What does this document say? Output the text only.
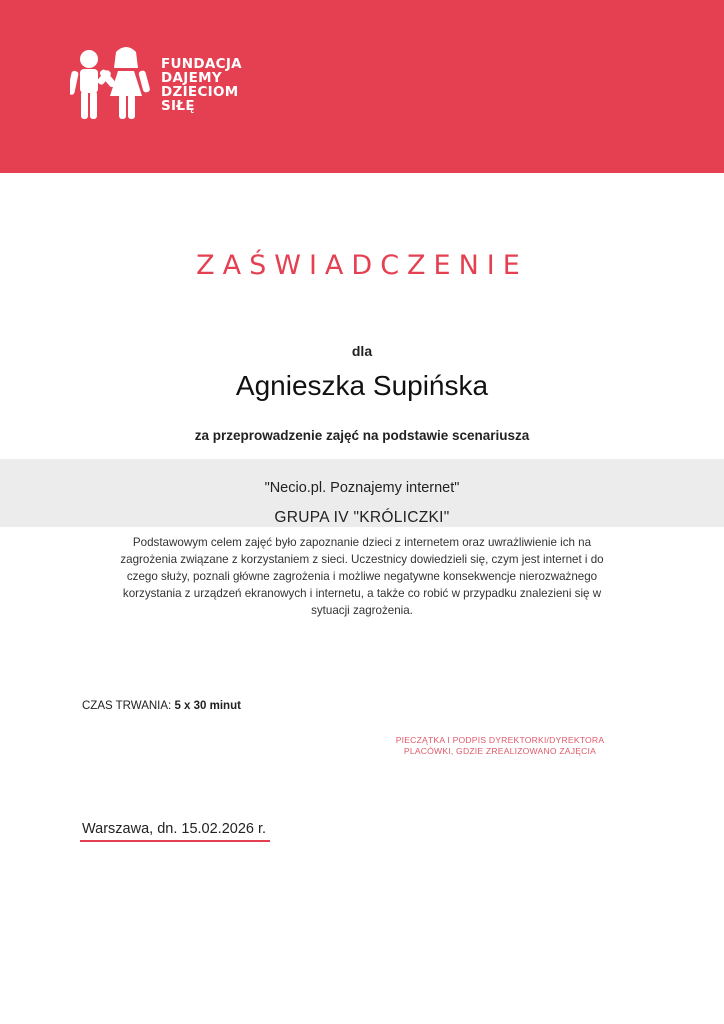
FUNDACJA
DAJEMY
DZIECIOM
SIŁĘ
ZAŚWIADCZENIE
dla
Agnieszka Supińska
za przeprowadzenie zajęć na podstawie scenariusza
"Necio.pl. Poznajemy internet"
GRUPA IV "KRÓLICZKI"
Podstawowym celem zajęć było zapoznanie dzieci z internetem oraz uwrażliwienie ich na zagrożenia związane z korzystaniem z sieci. Uczestnicy dowiedzieli się, czym jest internet i do czego służy, poznali główne zagrożenia i możliwe negatywne konsekwencje nierozważnego korzystania z urządzeń ekranowych i internetu, a także co robić w przypadku znalezieni się w sytuacji zagrożenia.
CZAS TRWANIA: 5 x 30 minut
PIECZĄTKA I PODPIS DYREKTORKI/DYREKTORA
PLACÓWKI, GDZIE ZREALIZOWANO ZAJĘCIA
Warszawa, dn. 15.02.2026 r.
